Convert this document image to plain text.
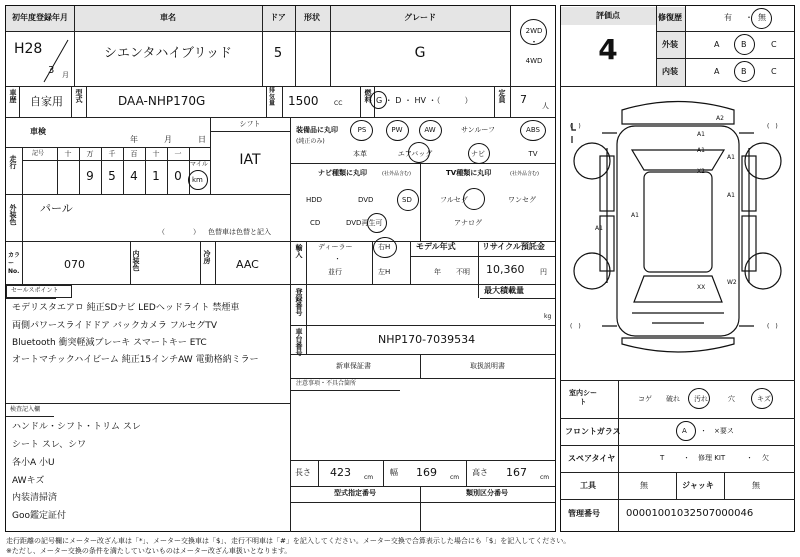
初年度登録年月	車名	ドア 形状	グレード
H28
3 月
シエンタハイブリッド	5	G
2WD
・
4WD
車歴 自家用 型式	DAA-NHP170G
排気量	1500	CC
燃料 G ・ D ・ HV ・（　　　）	定員 7 人
車検
年	月	日
走行
記号	十 万 千 百 十 一
9 5 4 1 0
マイル
km
シフト
IAT
装備品に丸印
(純正のみ)
PS	PW	AW	サンルーフ	ABS
本革	エアバッグ	ナビ	TV
外装色 パール
（　　　　） 色替車は色替と記入
ナビ種類に丸印	(社外品含む)
HDD	DVD	SD
CD	DVD再生可
TV種類に丸印	(社外品含む)
フルセグ	ワンセグ
アナログ
カラーNo.
070	内装色	冷房
AAC
輸入 ディーラー
・
並行
右H
左H
モデル年式
年 不明
リサイクル預託金
10,360 円
セールスポイント
モデリスタエアロ 純正SDナビ LEDヘッドライト 禁煙車
両側パワースライドドア バックカメラ フルセグTV
Bluetooth 衝突軽減ブレーキ スマートキー ETC
オートマチックハイビーム 純正15インチAW 電動格納ミラー
登録番号	最大積載量
kg
車台番号	NHP170-7039534
新車保証書	取扱説明書
注意事項・不具合箇所
検査記入欄
ハンドル・シフト・トリム スレ
シート スレ、シワ
各小A 小U
AWキズ
内装清掃済
Goo鑑定証付
長さ 423 cm
幅 169 cm
高さ 167 cm
型式指定番号	類別区分番号
評価点
4
修復歴	有 ・ 無
外装	A	B	C
内装	A	B	C
(　)	(　)
(　)	(　)
A2
A1
A1
A1
X2
A1
A1
A1
XX
W2
室内シート	コゲ 破れ 汚れ	穴	キズ
フロントガラス	A ・ ×要ス
スペアタイヤ	T	・ 修理 KIT	・ 欠
工具	無	ジャッキ	無
管理番号	00001001032507000046
走行距離の記号欄にメーター改ざん車は「*」、メーター交換車は「$」、走行不明車は「#」を記入してください。メーター交換で合算表示した場合にも「$」を記入してください。
※ただし、メーター交換の条件を満たしていないものはメーター改ざん車扱いとなります。
